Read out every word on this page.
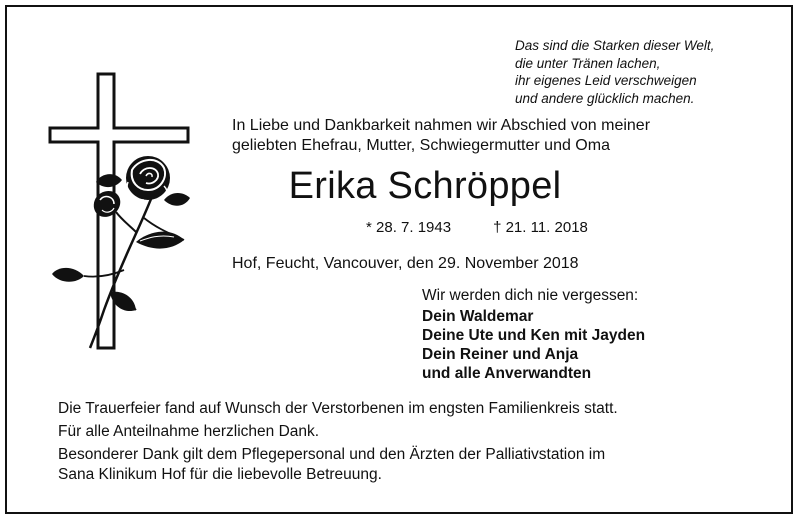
Das sind die Starken dieser Welt,
die unter Tränen lachen,
ihr eigenes Leid verschweigen
und andere glücklich machen.
In Liebe und Dankbarkeit nahmen wir Abschied von meiner
geliebten Ehefrau, Mutter, Schwiegermutter und Oma
Erika Schröppel
* 28. 7. 1943	† 21. 11. 2018
Hof, Feucht, Vancouver, den 29. November 2018
Wir werden dich nie vergessen:
Dein Waldemar
Deine Ute und Ken mit Jayden
Dein Reiner und Anja
und alle Anverwandten
Die Trauerfeier fand auf Wunsch der Verstorbenen im engsten Familienkreis statt.
Für alle Anteilnahme herzlichen Dank.
Besonderer Dank gilt dem Pflegepersonal und den Ärzten der Palliativstation im
Sana Klinikum Hof für die liebevolle Betreuung.
